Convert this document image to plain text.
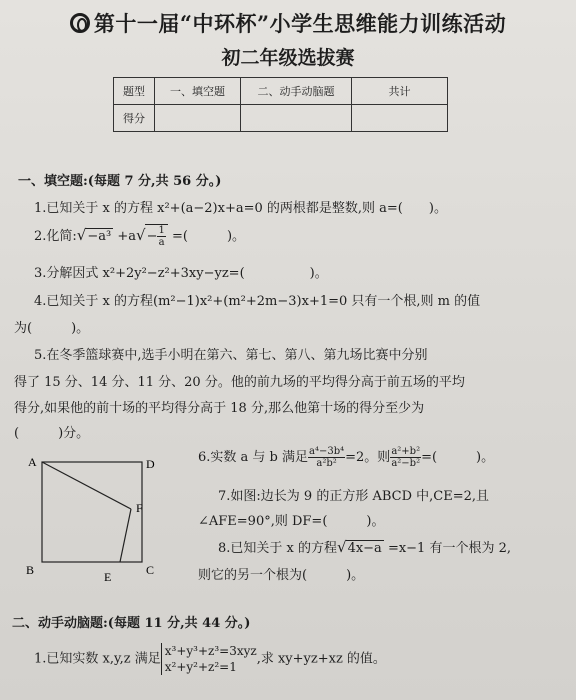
第十一届“中环杯”小学生思维能力训练活动
初二年级选拔赛
题型	一、填空题	二、动手动脑题	共计
得分			
一、填空题:(每题 7 分,共 56 分。)
1.已知关于 x 的方程 x²+(a−2)x+a=0 的两根都是整数,则 a=(　　)。
2.化简:√−a³ $+a√- \frac{1}{a}$ =(　　　)。
3.分解因式 x²+2y²−z²+3xy−yz=(　　　　　)。
4.已知关于 x 的方程(m²−1)x²+(m²+2m−3)x+1=0 只有一个根,则 m 的值
为(　　　)。
5.在冬季篮球赛中,选手小明在第六、第七、第八、第九场比赛中分别
得了 15 分、14 分、11 分、20 分。他的前九场的平均得分高于前五场的平均
得分,如果他的前十场的平均得分高于 18 分,那么他第十场的得分至少为
(　　　)分。
6.实数 a 与 b 满足 $\frac{\text{a⁴−3b⁴}}{\text{a²b²}} =2$。则 $\frac{\text{a²+b²}}{\text{a²−b²}}$ =(　　　)。
7.如图:边长为 9 的正方形 ABCD 中,CE=2,且
∠AFE=90°,则 DF=(　　　)。
8.已知关于 x 的方程√4x−a =x−1 有一个根为 2,
则它的另一个根为(　　　)。
A	D
F
B	E	C
二、动手动脑题:(每题 11 分,共 44 分。)
1.已知实数 x,y,z 满足
x³+y³+z³=3xyz
x²+y²+z²=1
,求 xy+yz+xz 的值。
